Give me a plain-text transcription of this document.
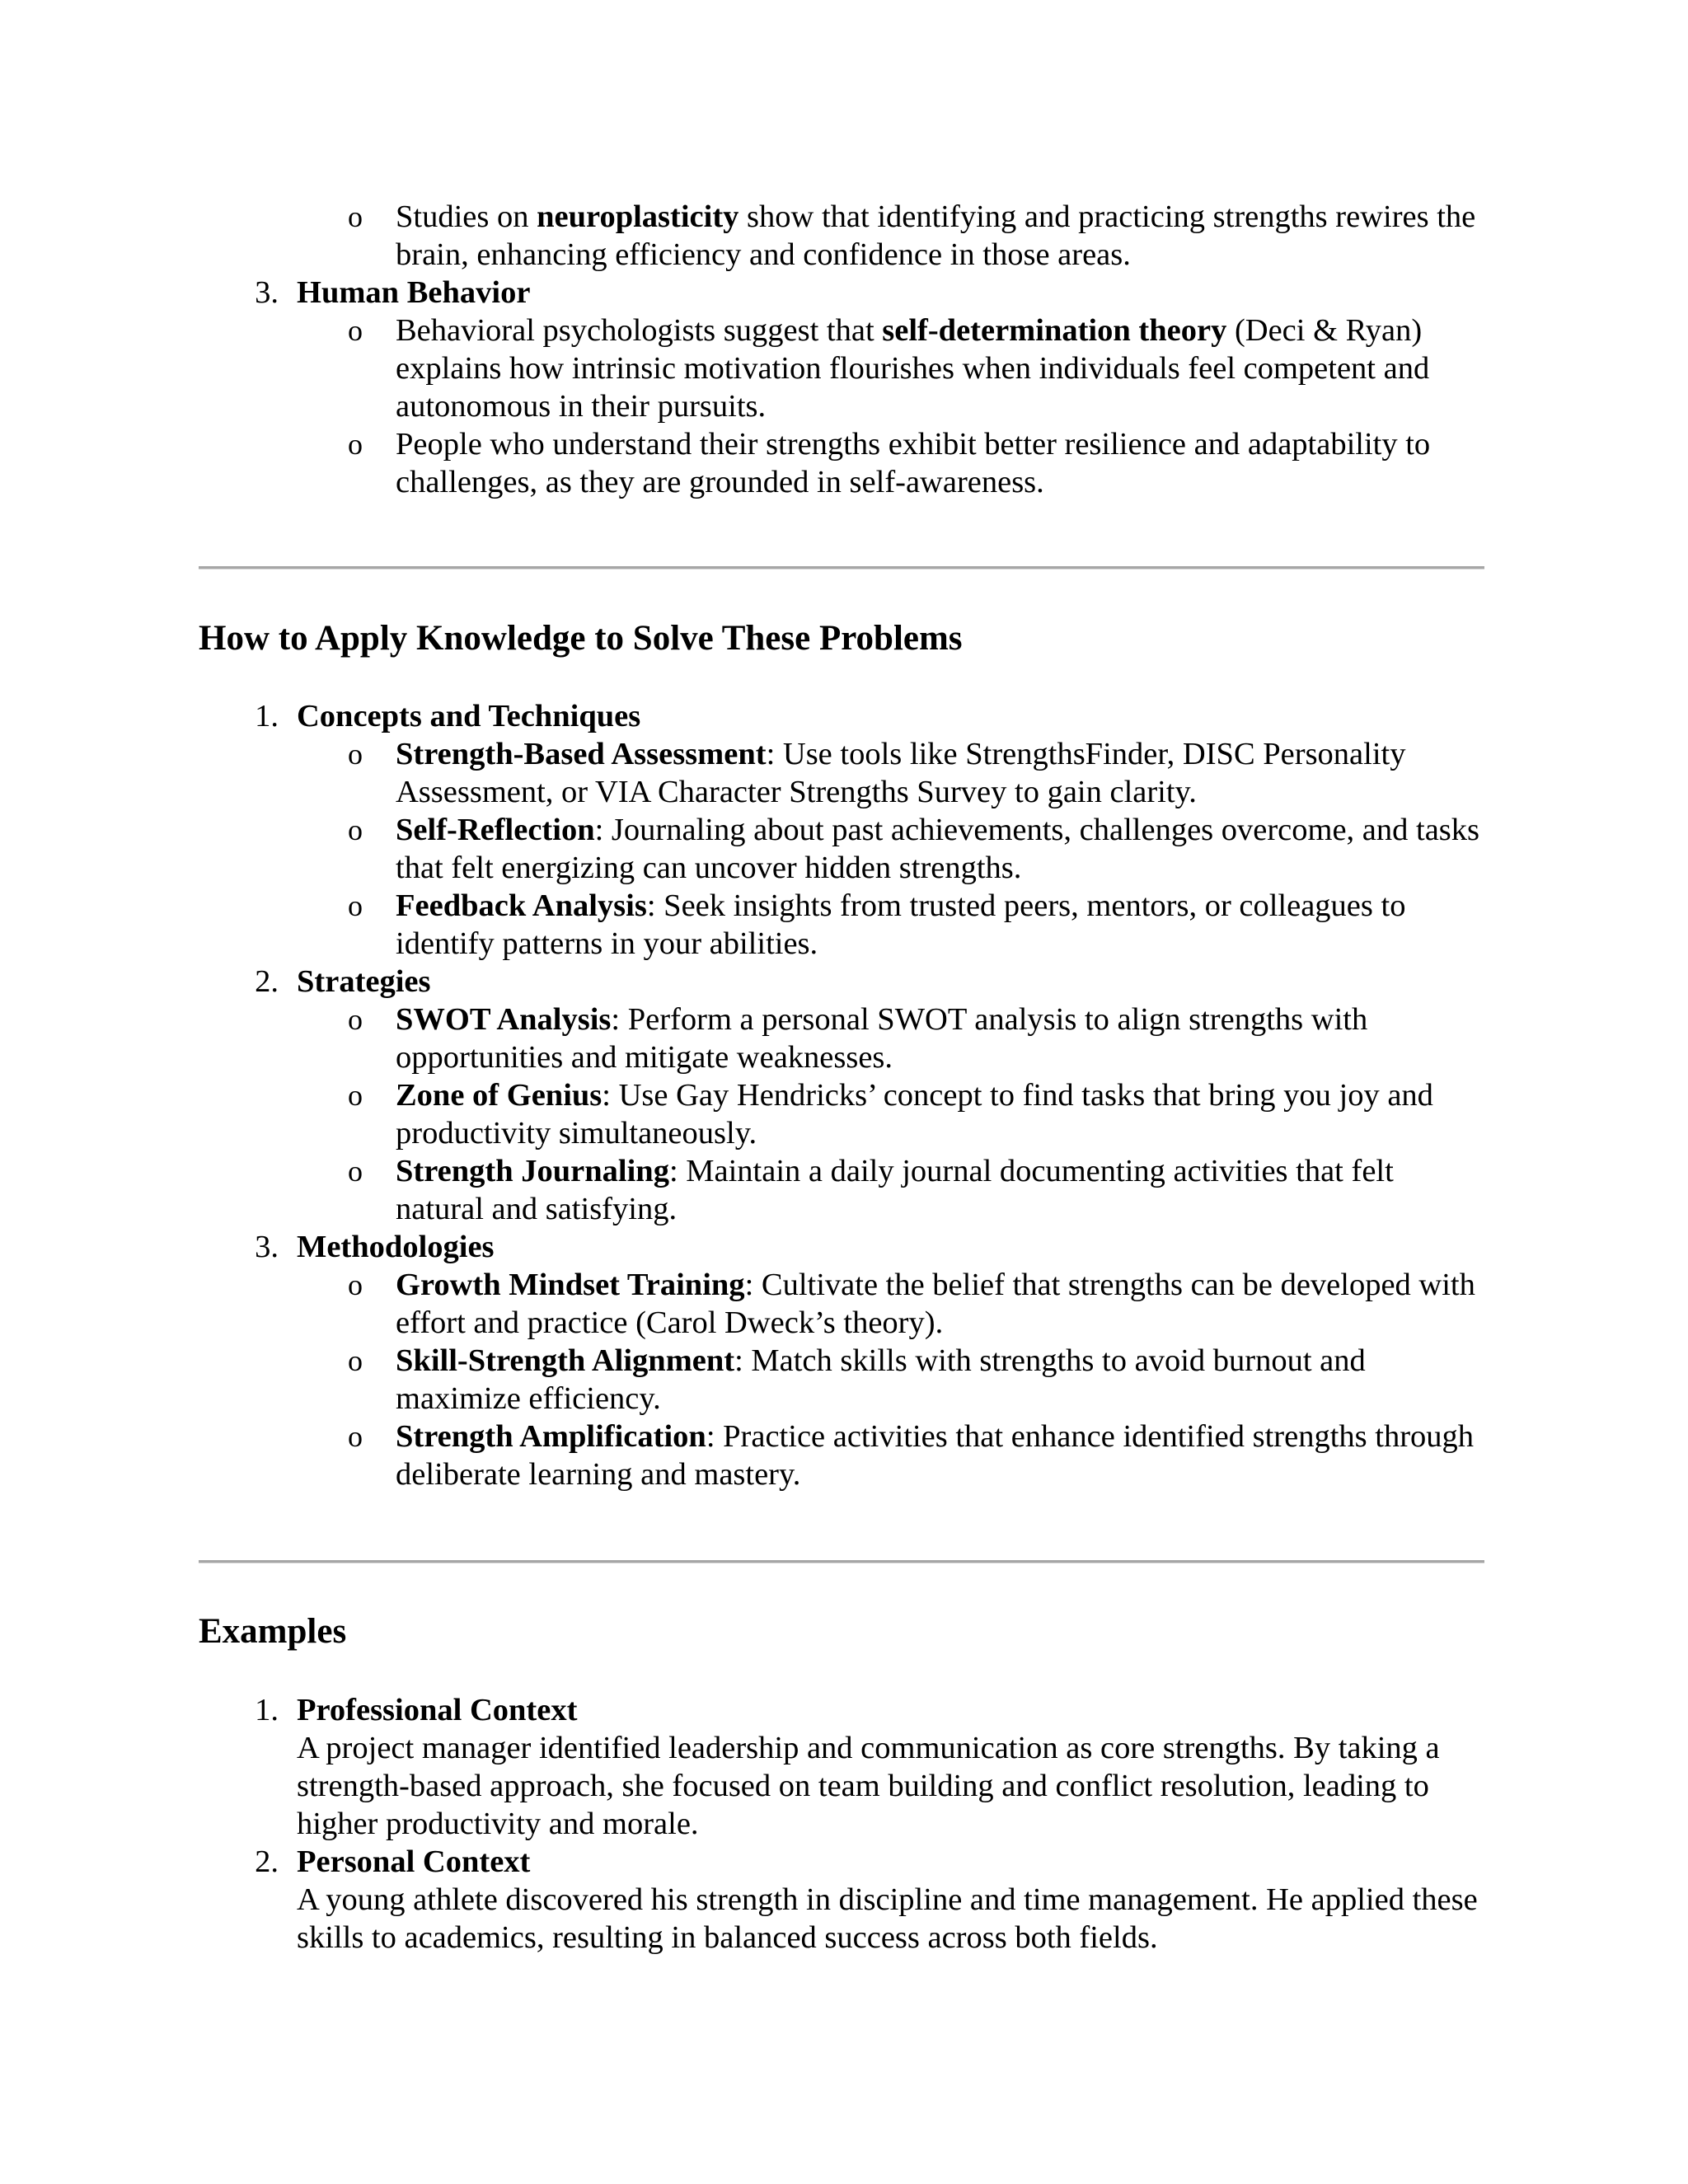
o Studies on neuroplasticity show that identifying and practicing strengths rewires the brain, enhancing efficiency and confidence in those areas.
3. Human Behavior
o Behavioral psychologists suggest that self-determination theory (Deci & Ryan) explains how intrinsic motivation flourishes when individuals feel competent and autonomous in their pursuits.
o People who understand their strengths exhibit better resilience and adaptability to challenges, as they are grounded in self-awareness.
How to Apply Knowledge to Solve These Problems
1. Concepts and Techniques
o Strength-Based Assessment: Use tools like StrengthsFinder, DISC Personality Assessment, or VIA Character Strengths Survey to gain clarity.
o Self-Reflection: Journaling about past achievements, challenges overcome, and tasks that felt energizing can uncover hidden strengths.
o Feedback Analysis: Seek insights from trusted peers, mentors, or colleagues to identify patterns in your abilities.
2. Strategies
o SWOT Analysis: Perform a personal SWOT analysis to align strengths with opportunities and mitigate weaknesses.
o Zone of Genius: Use Gay Hendricks’ concept to find tasks that bring you joy and productivity simultaneously.
o Strength Journaling: Maintain a daily journal documenting activities that felt natural and satisfying.
3. Methodologies
o Growth Mindset Training: Cultivate the belief that strengths can be developed with effort and practice (Carol Dweck’s theory).
o Skill-Strength Alignment: Match skills with strengths to avoid burnout and maximize efficiency.
o Strength Amplification: Practice activities that enhance identified strengths through deliberate learning and mastery.
Examples
1. Professional Context
A project manager identified leadership and communication as core strengths. By taking a strength-based approach, she focused on team building and conflict resolution, leading to higher productivity and morale.
2. Personal Context
A young athlete discovered his strength in discipline and time management. He applied these skills to academics, resulting in balanced success across both fields.
